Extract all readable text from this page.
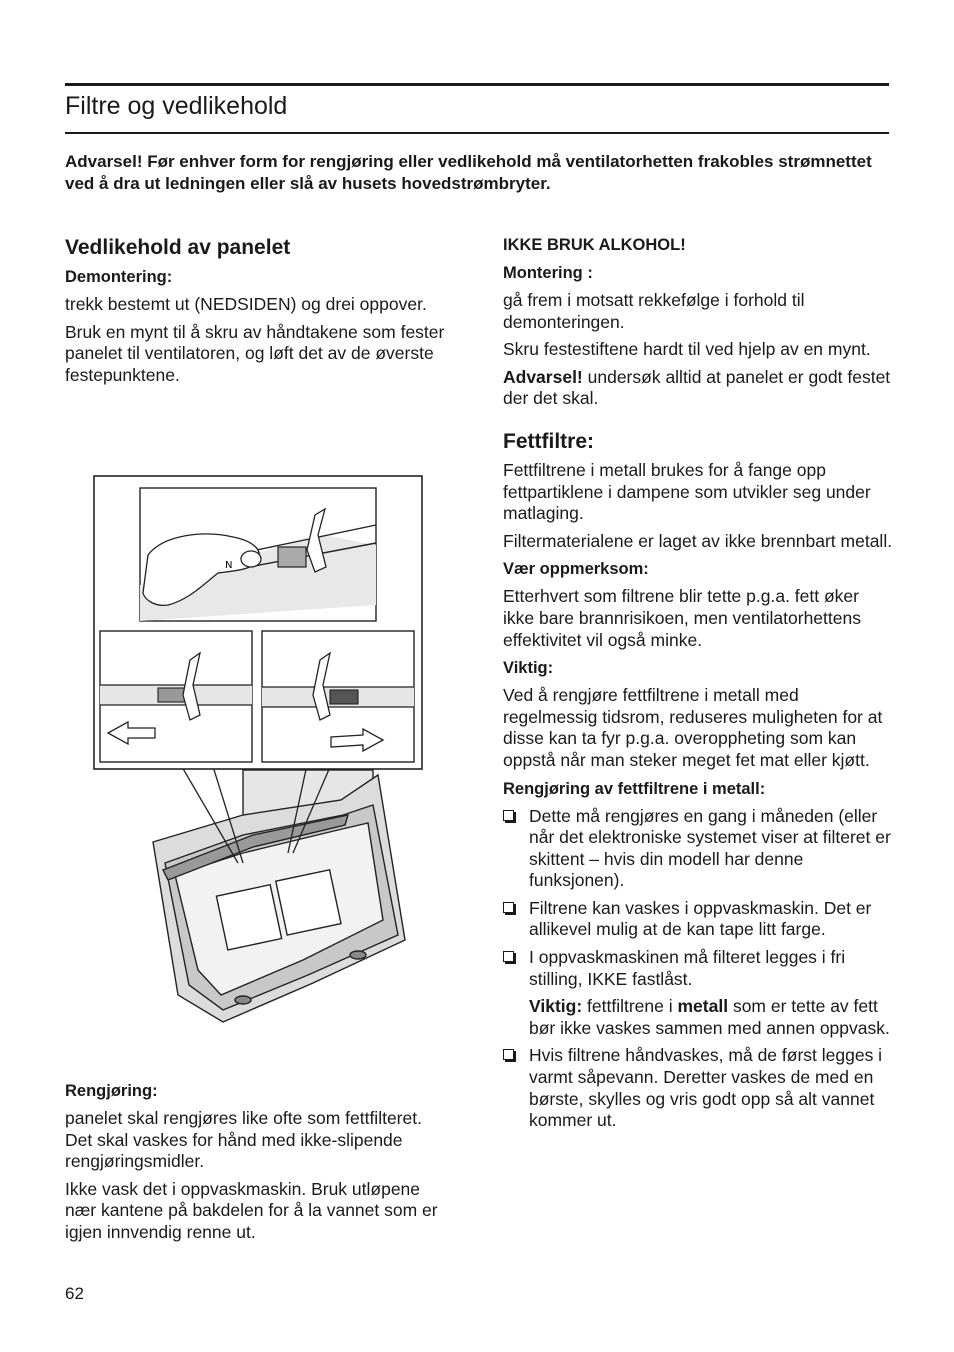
Filtre og vedlikehold
Advarsel! Før enhver form for rengjøring eller vedlikehold må ventilatorhetten frakobles strømnettet ved å dra ut ledningen eller slå av husets hovedstrømbryter.
Vedlikehold av panelet
Demontering:

trekk bestemt ut (NEDSIDEN) og drei oppover.

Bruk en mynt til å skru av håndtakene som fester panelet til ventilatoren, og løft det av de øverste festepunktene.

N
Rengjøring:

panelet skal rengjøres like ofte som fettfilteret. Det skal vaskes for hånd med ikke-slipende rengjøringsmidler.

Ikke vask det i oppvaskmaskin. Bruk utløpene nær kantene på bakdelen for å la vannet som er igjen innvendig renne ut.

IKKE BRUK ALKOHOL!
Montering :

gå frem i motsatt rekkefølge i forhold til demonteringen.

Skru festestiftene hardt til ved hjelp av en mynt.

Advarsel! undersøk alltid at panelet er godt festet der det skal.

Fettfiltre:

Fettfiltrene i metall brukes for å fange opp fettpartiklene i dampene som utvikler seg under matlaging.

Filtermaterialene er laget av ikke brennbart metall.

Vær oppmerksom:

Etterhvert som filtrene blir tette p.g.a. fett øker ikke bare brannrisikoen, men ventilatorhettens effektivitet vil også minke.

Viktig:

Ved å rengjøre fettfiltrene i metall med regelmessig tidsrom, reduseres muligheten for at disse kan ta fyr p.g.a. overoppheting som kan oppstå når man steker meget fet mat eller kjøtt.

Rengjøring av fettfiltrene i metall:
Dette må rengjøres en gang i måneden (eller når det elektroniske systemet viser at filteret er skittent – hvis din modell har denne funksjonen).
Filtrene kan vaskes i oppvaskmaskin. Det er allikevel mulig at de kan tape litt farge.
I oppvaskmaskinen må filteret legges i fri stilling, IKKE fastlåst.

Viktig: fettfiltrene i metall som er tette av fett bør ikke vaskes sammen med annen oppvask.

Hvis filtrene håndvaskes, må de først legges i varmt såpevann. Deretter vaskes de med en børste, skylles og vris godt opp så alt vannet kommer ut.
62
